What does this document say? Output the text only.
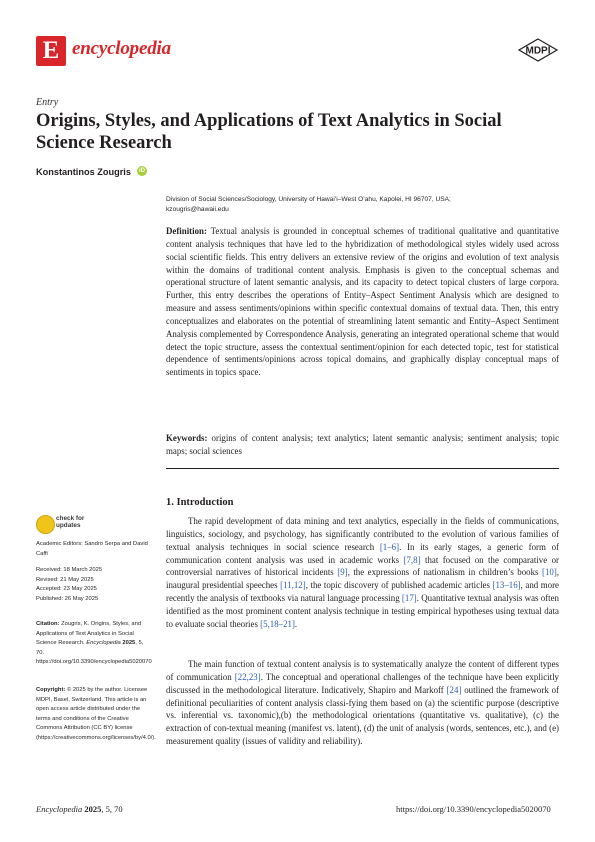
E encyclopedia	MDPI
Entry
Origins, Styles, and Applications of Text Analytics in Social Science Research
Konstantinos Zougris	iD
Division of Social Sciences/Sociology, University of Hawaiʻi–West Oʻahu, Kapolei, HI 96707, USA;
kzougris@hawaii.edu
Definition: Textual analysis is grounded in conceptual schemes of traditional qualitative and quantitative content analysis techniques that have led to the hybridization of methodological styles widely used across social scientific fields. This entry delivers an extensive review of the origins and evolution of text analysis within the domains of traditional content analysis. Emphasis is given to the conceptual schemas and operational structure of latent semantic analysis, and its capacity to detect topical clusters of large corpora. Further, this entry describes the operations of Entity–Aspect Sentiment Analysis which are designed to measure and assess sentiments/opinions within specific contextual domains of textual data. Then, this entry conceptualizes and elaborates on the potential of streamlining latent semantic and Entity–Aspect Sentiment Analysis complemented by Correspondence Analysis, generating an integrated operational scheme that would detect the topic structure, assess the contextual sentiment/opinion for each detected topic, test for statistical dependence of sentiments/opinions across topical domains, and graphically display conceptual maps of sentiments in topics space.
Keywords: origins of content analysis; text analytics; latent semantic analysis; sentiment analysis; topic maps; social sciences
1. Introduction
The rapid development of data mining and text analytics, especially in the fields of communications, linguistics, sociology, and psychology, has significantly contributed to the evolution of various families of textual analysis techniques in social science research [1–6]. In its early stages, a generic form of communication content analysis was used in academic works [7,8] that focused on the comparative or controversial narratives of historical incidents [9], the expressions of nationalism in children’s books [10], inaugural presidential speeches [11,12], the topic discovery of published academic articles [13–16], and more recently the analysis of textbooks via natural language processing [17]. Quantitative textual analysis was often identified as the most prominent content analysis technique in testing empirical hypotheses using textual data to evaluate social theories [5,18–21].
The main function of textual content analysis is to systematically analyze the content of different types of communication [22,23]. The conceptual and operational challenges of the technique have been explicitly discussed in the methodological literature. Indicatively, Shapiro and Markoff [24] outlined the framework of definitional peculiarities of content analysis classi-fying them based on (a) the scientific purpose (descriptive vs. inferential vs. taxonomic),(b) the methodological orientations (quantitative vs. qualitative), (c) the extraction of con-textual meaning (manifest vs. latent), (d) the unit of analysis (words, sentences, etc.), and (e) measurement quality (issues of validity and reliability).
check for
updates
Academic Editors: Sandro Serpa and David Caffi
Received: 18 March 2025
Revised: 21 May 2025
Accepted: 23 May 2025
Published: 26 May 2025
Citation: Zougris, K. Origins, Styles, and Applications of Text Analytics in Social Science Research. Encyclopedia 2025, 5, 70. https://doi.org/10.3390/encyclopedia5020070
Copyright: © 2025 by the author. Licensee MDPI, Basel, Switzerland. This article is an open access article distributed under the terms and conditions of the Creative Commons Attribution (CC BY) license (https://creativecommons.org/licenses/by/4.0/).
Encyclopedia 2025, 5, 70	https://doi.org/10.3390/encyclopedia5020070
